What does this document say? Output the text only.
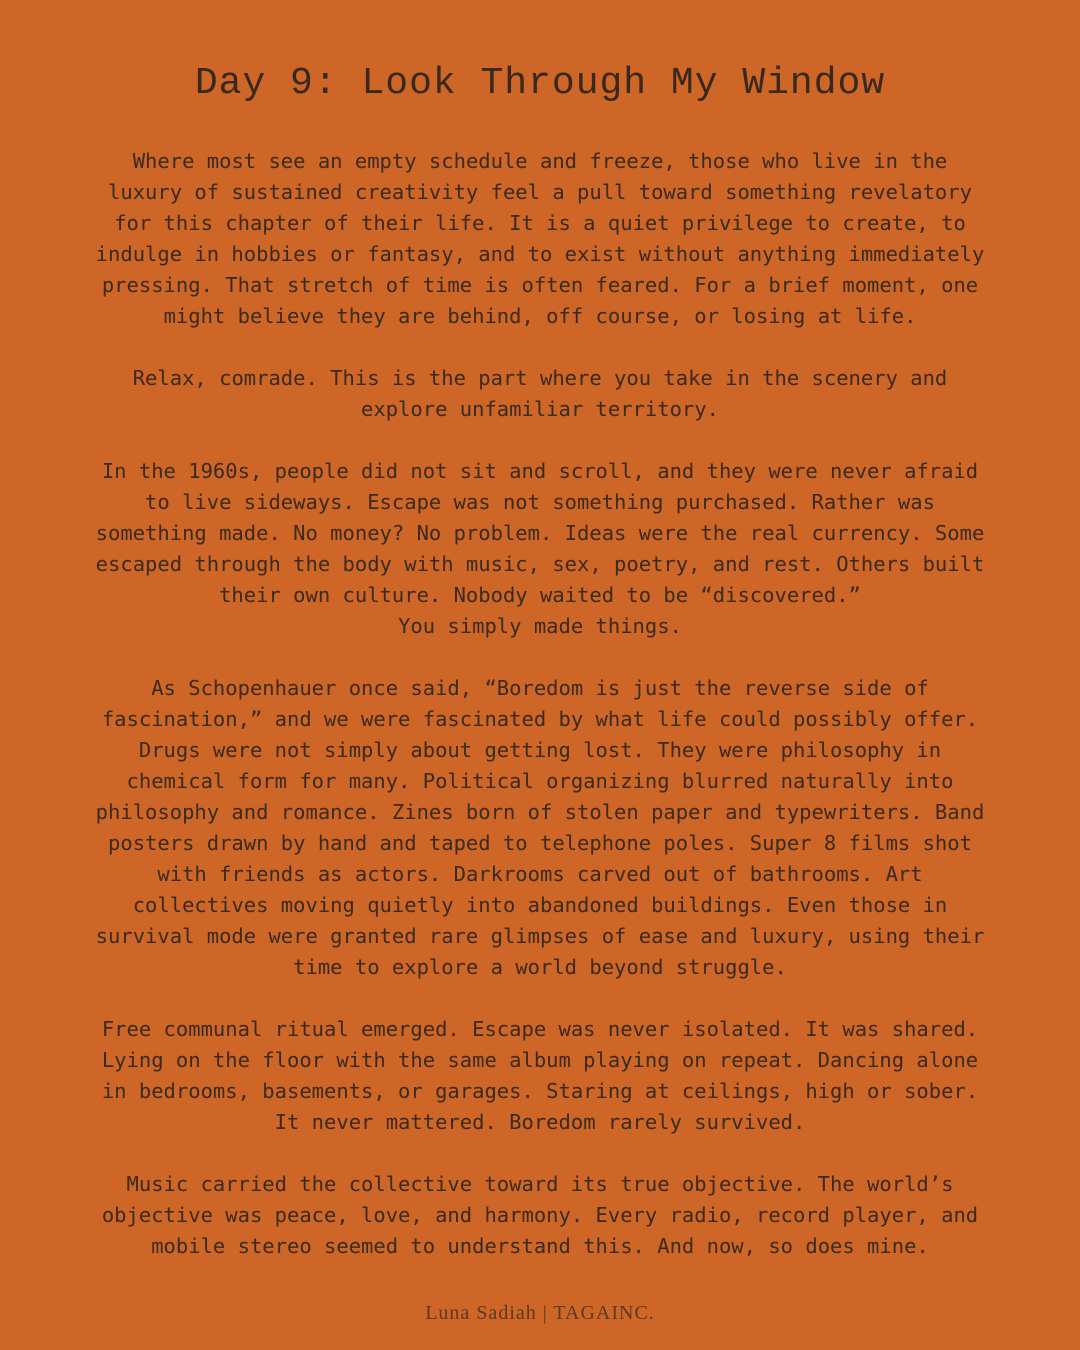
Day 9: Look Through My Window

Where most see an empty schedule and freeze, those who live in the
luxury of sustained creativity feel a pull toward something revelatory
for this chapter of their life. It is a quiet privilege to create, to
indulge in hobbies or fantasy, and to exist without anything immediately
pressing. That stretch of time is often feared. For a brief moment, one
might believe they are behind, off course, or losing at life.

Relax, comrade. This is the part where you take in the scenery and
explore unfamiliar territory.

In the 1960s, people did not sit and scroll, and they were never afraid
to live sideways. Escape was not something purchased. Rather was
something made. No money? No problem. Ideas were the real currency. Some
escaped through the body with music, sex, poetry, and rest. Others built
their own culture. Nobody waited to be “discovered.”
You simply made things.

As Schopenhauer once said, “Boredom is just the reverse side of
fascination,” and we were fascinated by what life could possibly offer.
Drugs were not simply about getting lost. They were philosophy in
chemical form for many. Political organizing blurred naturally into
philosophy and romance. Zines born of stolen paper and typewriters. Band
posters drawn by hand and taped to telephone poles. Super 8 films shot
with friends as actors. Darkrooms carved out of bathrooms. Art
collectives moving quietly into abandoned buildings. Even those in
survival mode were granted rare glimpses of ease and luxury, using their
time to explore a world beyond struggle.

Free communal ritual emerged. Escape was never isolated. It was shared.
Lying on the floor with the same album playing on repeat. Dancing alone
in bedrooms, basements, or garages. Staring at ceilings, high or sober.
It never mattered. Boredom rarely survived.

Music carried the collective toward its true objective. The world’s
objective was peace, love, and harmony. Every radio, record player, and
mobile stereo seemed to understand this. And now, so does mine.

Luna Sadiah | TAGAINC.
